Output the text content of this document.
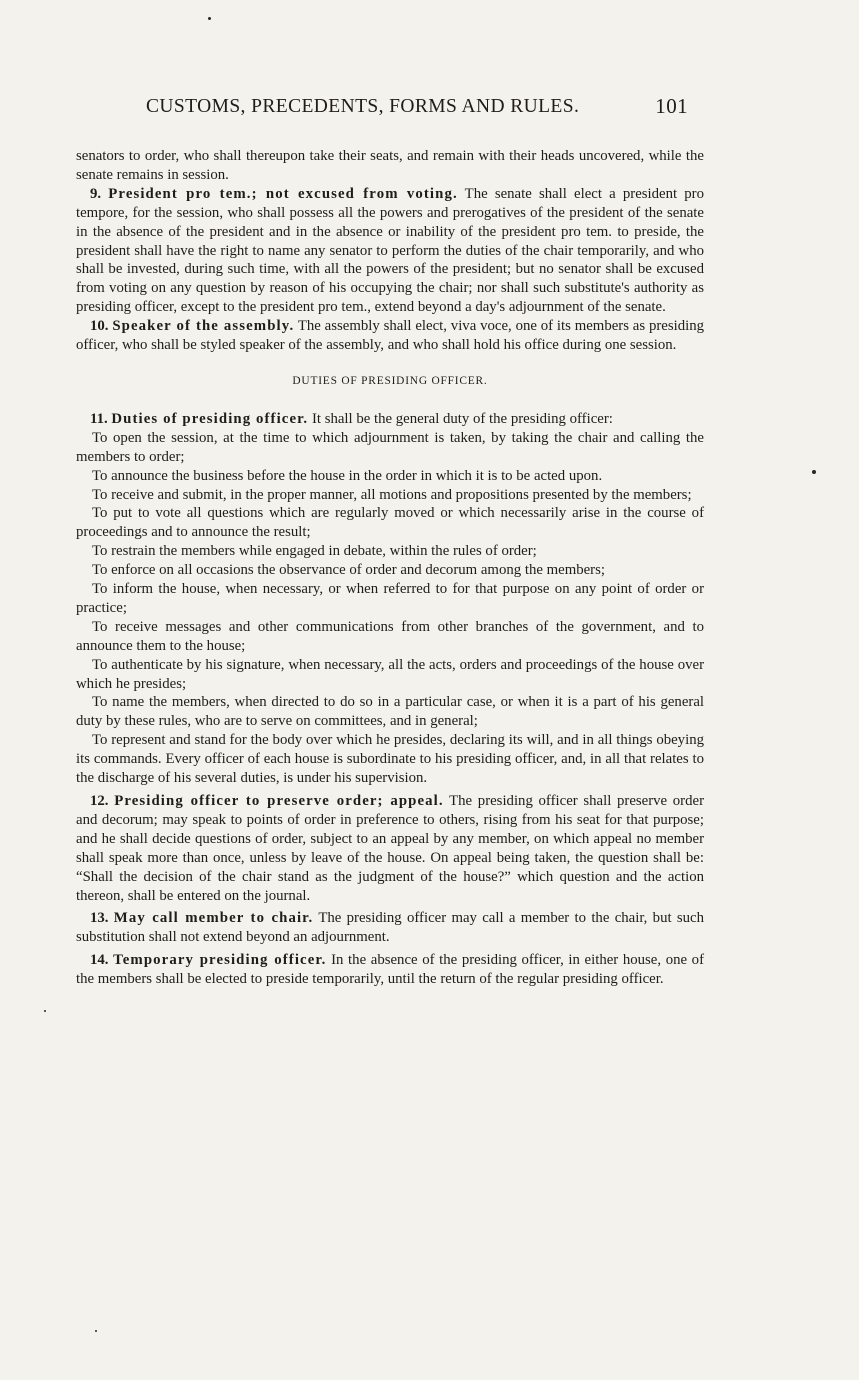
CUSTOMS, PRECEDENTS, FORMS AND RULES.	101

senators to order, who shall thereupon take their seats, and remain with their heads uncovered, while the senate remains in session.

9. President pro tem.; not excused from voting. The senate shall elect a president pro tempore, for the session, who shall possess all the powers and prerogatives of the president of the senate in the absence of the president and in the absence or inability of the president pro tem. to preside, the president shall have the right to name any senator to perform the duties of the chair temporarily, and who shall be invested, during such time, with all the powers of the president; but no senator shall be excused from voting on any question by reason of his occupying the chair; nor shall such substitute's authority as presiding officer, except to the president pro tem., extend beyond a day's adjournment of the senate.

10. Speaker of the assembly. The assembly shall elect, viva voce, one of its members as presiding officer, who shall be styled speaker of the assembly, and who shall hold his office during one session.

DUTIES OF PRESIDING OFFICER.

11. Duties of presiding officer. It shall be the general duty of the presiding officer:

To open the session, at the time to which adjournment is taken, by taking the chair and calling the members to order;

To announce the business before the house in the order in which it is to be acted upon.

To receive and submit, in the proper manner, all motions and propositions presented by the members;

To put to vote all questions which are regularly moved or which necessarily arise in the course of proceedings and to announce the result;

To restrain the members while engaged in debate, within the rules of order;

To enforce on all occasions the observance of order and decorum among the members;

To inform the house, when necessary, or when referred to for that purpose on any point of order or practice;

To receive messages and other communications from other branches of the government, and to announce them to the house;

To authenticate by his signature, when necessary, all the acts, orders and proceedings of the house over which he presides;

To name the members, when directed to do so in a particular case, or when it is a part of his general duty by these rules, who are to serve on committees, and in general;

To represent and stand for the body over which he presides, declaring its will, and in all things obeying its commands. Every officer of each house is subordinate to his presiding officer, and, in all that relates to the discharge of his several duties, is under his supervision.

12. Presiding officer to preserve order; appeal. The presiding officer shall preserve order and decorum; may speak to points of order in preference to others, rising from his seat for that purpose; and he shall decide questions of order, subject to an appeal by any member, on which appeal no member shall speak more than once, unless by leave of the house. On appeal being taken, the question shall be: “Shall the decision of the chair stand as the judgment of the house?” which question and the action thereon, shall be entered on the journal.

13. May call member to chair. The presiding officer may call a member to the chair, but such substitution shall not extend beyond an adjournment.

14. Temporary presiding officer. In the absence of the presiding officer, in either house, one of the members shall be elected to preside temporarily, until the return of the regular presiding officer.
